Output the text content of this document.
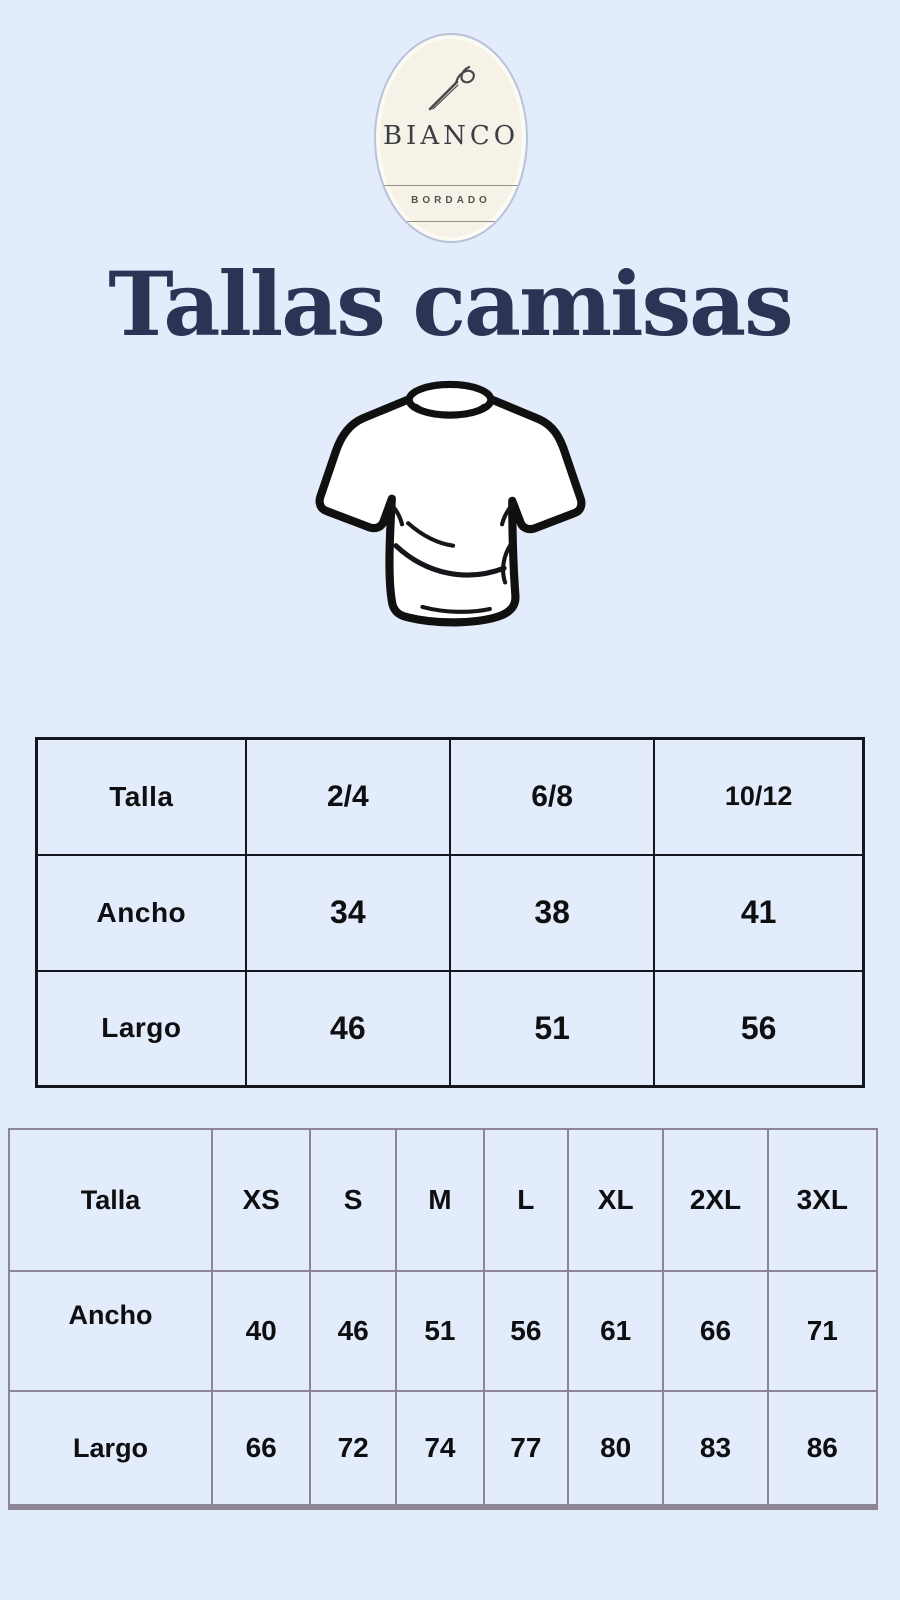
BIANCO
BORDADO
Tallas camisas
Talla	2/4	6/8	10/12
Ancho	34	38	41
Largo	46	51	56
Talla	XS	S	M	L	XL	2XL	3XL
Ancho	40	46	51	56	61	66	71
Largo	66	72	74	77	80	83	86
